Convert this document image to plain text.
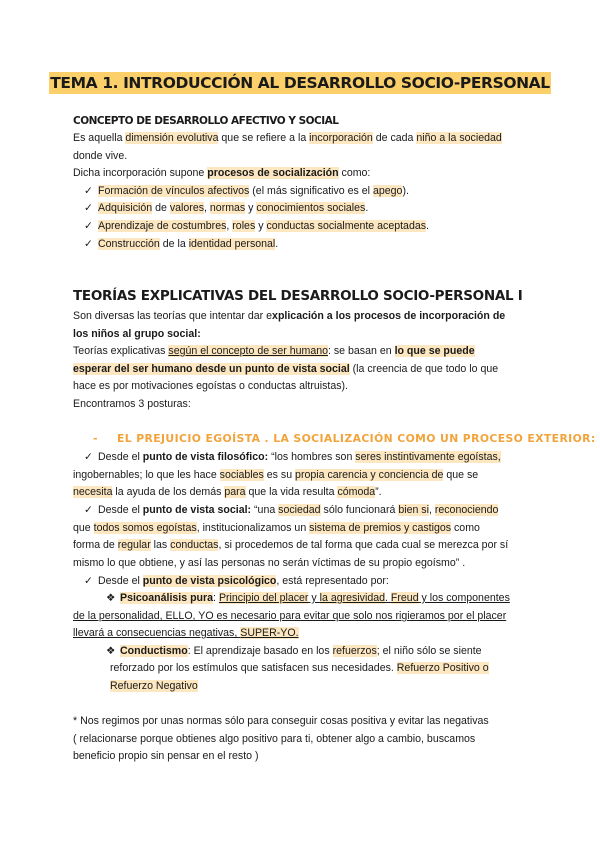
TEMA 1. INTRODUCCIÓN AL DESARROLLO SOCIO-PERSONAL
CONCEPTO DE DESARROLLO AFECTIVO Y SOCIAL
Es aquella dimensión evolutiva que se refiere a la incorporación de cada niño a la sociedad
donde vive.
Dicha incorporación supone procesos de socialización como:
✓ Formación de vínculos afectivos (el más significativo es el apego).
✓ Adquisición de valores, normas y conocimientos sociales.
✓ Aprendizaje de costumbres, roles y conductas socialmente aceptadas.
✓ Construcción de la identidad personal.
TEORÍAS EXPLICATIVAS DEL DESARROLLO SOCIO-PERSONAL I
Son diversas las teorías que intentar dar explicación a los procesos de incorporación de
los niños al grupo social:
Teorías explicativas según el concepto de ser humano: se basan en lo que se puede
esperar del ser humano desde un punto de vista social (la creencia de que todo lo que
hace es por motivaciones egoístas o conductas altruistas).
Encontramos 3 posturas:
- EL PREJUICIO EGOÍSTA . LA SOCIALIZACIÓN COMO UN PROCESO EXTERIOR:
✓ Desde el punto de vista filosófico: “los hombres son seres instintivamente egoístas,
ingobernables; lo que les hace sociables es su propia carencia y conciencia de que se
necesita la ayuda de los demás para que la vida resulta cómoda”.
✓ Desde el punto de vista social: “una sociedad sólo funcionará bien si, reconociendo
que todos somos egoístas, institucionalizamos un sistema de premios y castigos como
forma de regular las conductas, si procedemos de tal forma que cada cual se merezca por sí
mismo lo que obtiene, y así las personas no serán víctimas de su propio egoísmo” .
✓ Desde el punto de vista psicológico, está representado por:
❖ Psicoanálisis pura: Principio del placer y la agresividad. Freud y los componentes
de la personalidad, ELLO, YO es necesario para evitar que solo nos rigieramos por el placer
llevará a consecuencias negativas, SUPER-YO.
❖ Conductismo: El aprendizaje basado en los refuerzos; el niño sólo se siente
reforzado por los estímulos que satisfacen sus necesidades. Refuerzo Positivo o
Refuerzo Negativo
* Nos regimos por unas normas sólo para conseguir cosas positiva y evitar las negativas
( relacionarse porque obtienes algo positivo para ti, obtener algo a cambio, buscamos
beneficio propio sin pensar en el resto )
